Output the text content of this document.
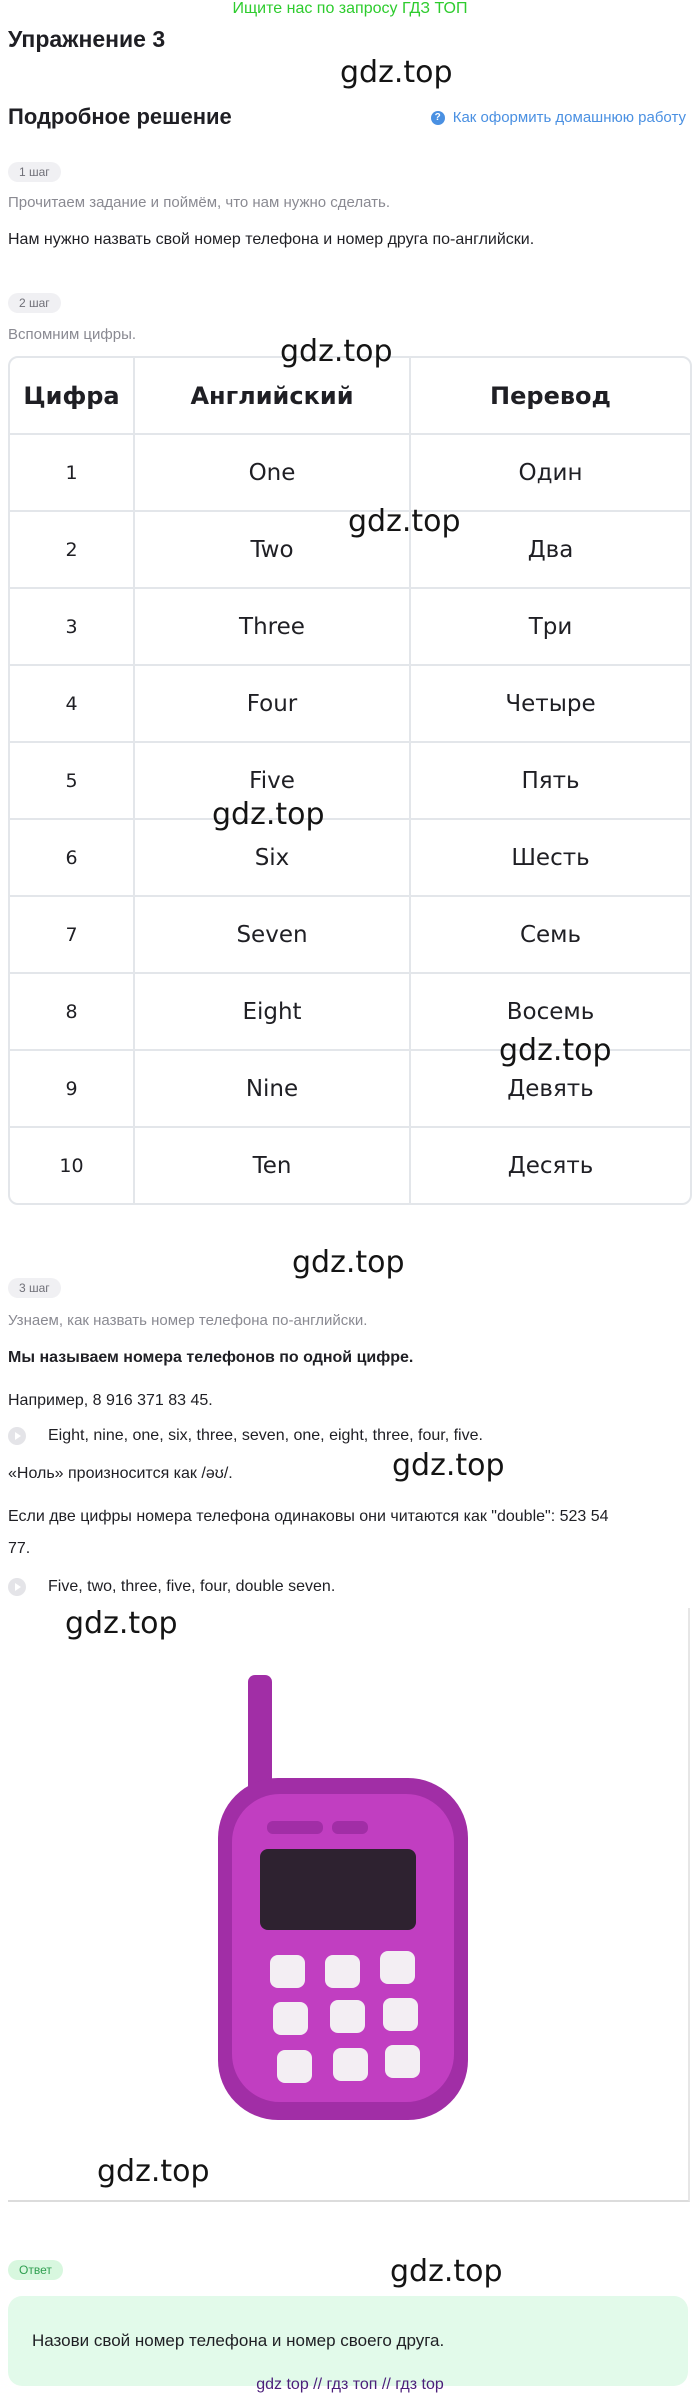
Ищите нас по запросу ГДЗ ТОП
Упражнение 3
gdz.top
Подробное решение	? Как оформить домашнюю работу
1 шаг
Прочитаем задание и поймём, что нам нужно сделать.
Нам нужно назвать свой номер телефона и номер друга по-английски.
2 шаг
Вспомним цифры.
Цифра	Английский	Перевод
1	One	Один
2	Two	Два
3	Three	Три
4	Four	Четыре
5	Five	Пять
6	Six	Шесть
7	Seven	Семь
8	Eight	Восемь
9	Nine	Девять
10	Ten	Десять
gdz.top
gdz.top
gdz.top
gdz.top
gdz.top
3 шаг
Узнаем, как назвать номер телефона по-английски.
Мы называем номера телефонов по одной цифре.
Например, 8 916 371 83 45.
Eight, nine, one, six, three, seven, one, eight, three, four, five.
«Ноль» произносится как /əʊ/.	gdz.top
Если две цифры номера телефона одинаковы они читаются как "double": 523 54
77.
Five, two, three, five, four, double seven.
gdz.top
gdz.top
Ответ	gdz.top
Назови свой номер телефона и номер своего друга.
gdz top // гдз топ // гдз top
